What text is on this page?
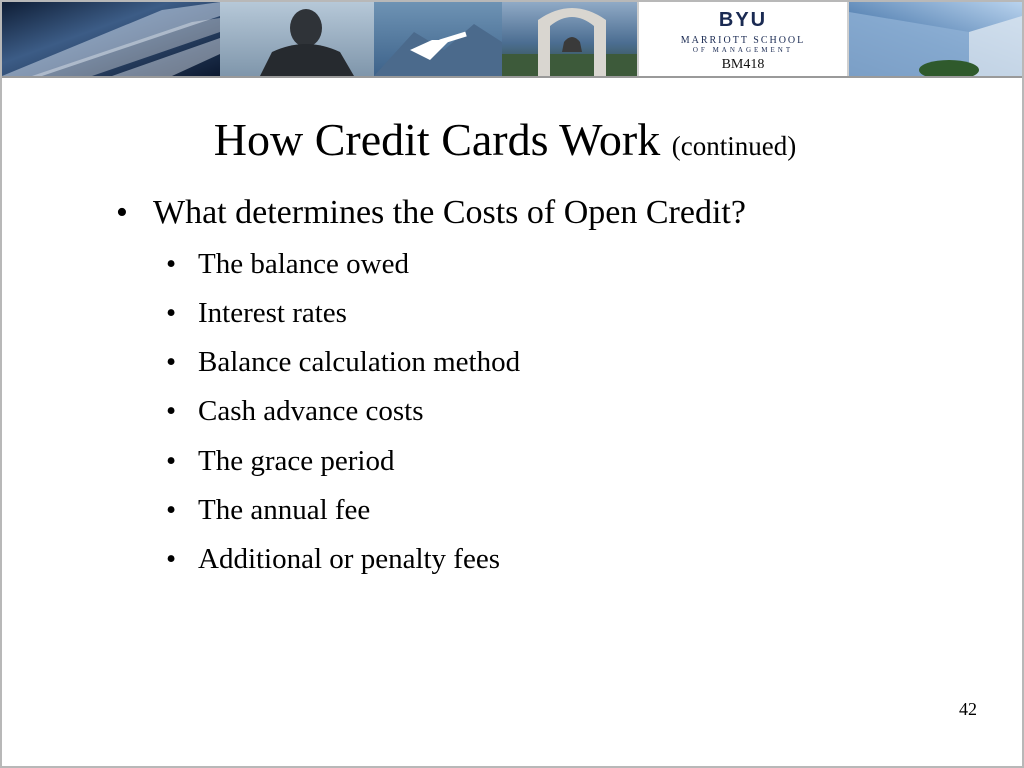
BYU
MARRIOTT SCHOOL
OF MANAGEMENT
BM418
How Credit Cards Work (continued)
• What determines the Costs of Open Credit?
• The balance owed
• Interest rates
• Balance calculation method
• Cash advance costs
• The grace period
• The annual fee
• Additional or penalty fees
42
